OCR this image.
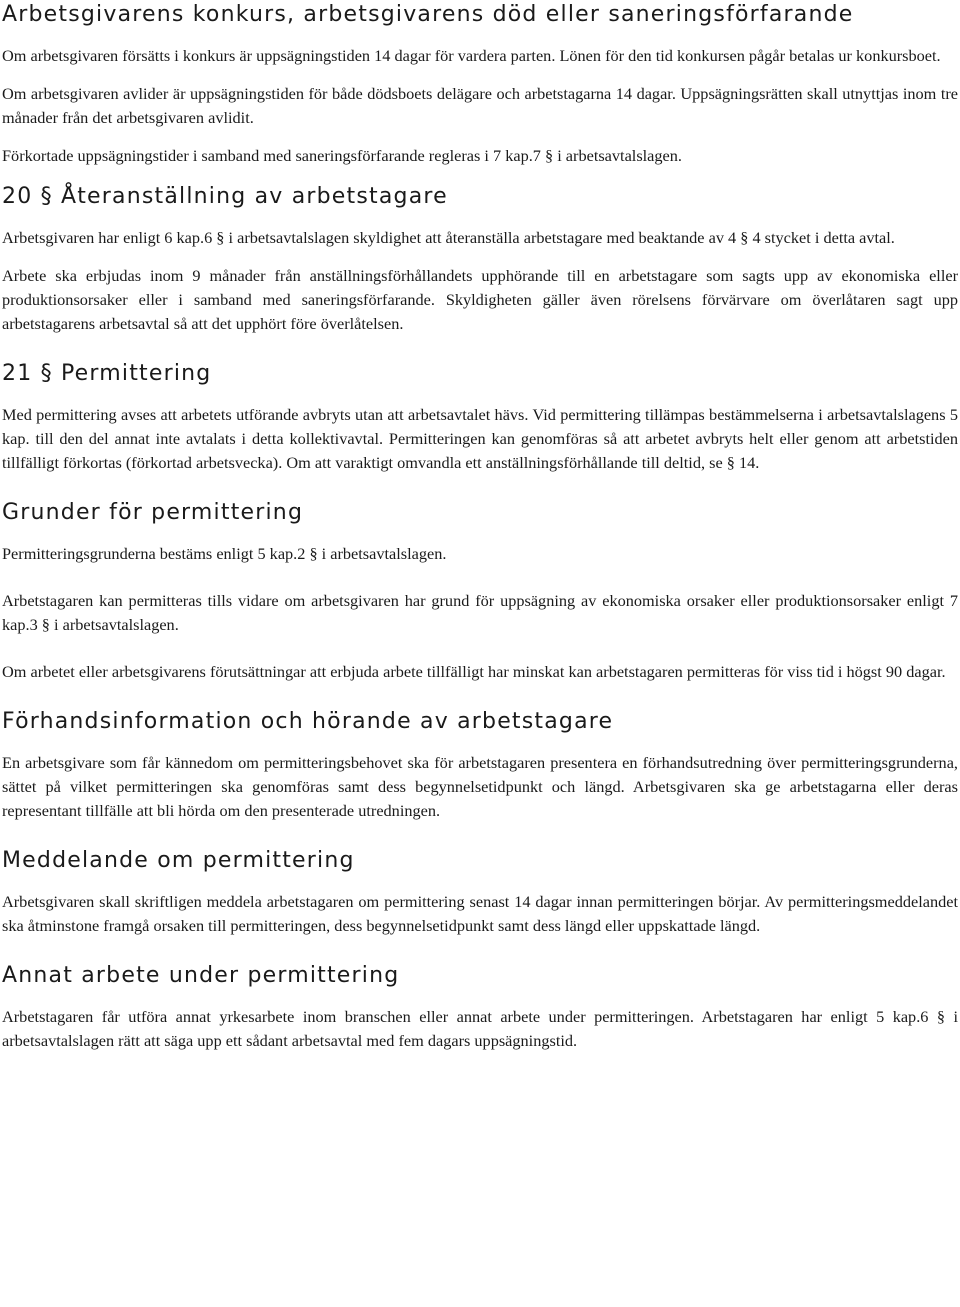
Arbetsgivarens konkurs, arbetsgivarens död eller saneringsförfarande

Om arbetsgivaren försätts i konkurs är uppsägningstiden 14 dagar för vardera parten. Lönen för den tid konkursen pågår betalas ur konkursboet.

Om arbetsgivaren avlider är uppsägningstiden för både dödsboets delägare och arbetstagarna 14 dagar. Uppsägningsrätten skall utnyttjas inom tre månader från det arbetsgivaren avlidit.

Förkortade uppsägningstider i samband med saneringsförfarande regleras i 7 kap.7 § i arbetsavtalslagen.

20 § Återanställning av arbetstagare

Arbetsgivaren har enligt 6 kap.6 § i arbetsavtalslagen skyldighet att återanställa arbetstagare med beaktande av 4 § 4 stycket i detta avtal.

Arbete ska erbjudas inom 9 månader från anställningsförhållandets upphörande till en arbetstagare som sagts upp av ekonomiska eller produktionsorsaker eller i samband med saneringsförfarande. Skyldigheten gäller även rörelsens förvärvare om överlåtaren sagt upp arbetstagarens arbetsavtal så att det upphört före överlåtelsen.

21 § Permittering

Med permittering avses att arbetets utförande avbryts utan att arbetsavtalet hävs. Vid permittering tillämpas bestämmelserna i arbetsavtalslagens 5 kap. till den del annat inte avtalats i detta kollektivavtal. Permitteringen kan genomföras så att arbetet avbryts helt eller genom att arbetstiden tillfälligt förkortas (förkortad arbetsvecka). Om att varaktigt omvandla ett anställningsförhållande till deltid, se § 14.

Grunder för permittering

Permitteringsgrunderna bestäms enligt 5 kap.2 § i arbetsavtalslagen.

Arbetstagaren kan permitteras tills vidare om arbetsgivaren har grund för uppsägning av ekonomiska orsaker eller produktionsorsaker enligt 7 kap.3 § i arbetsavtalslagen.

Om arbetet eller arbetsgivarens förutsättningar att erbjuda arbete tillfälligt har minskat kan arbetstagaren permitteras för viss tid i högst 90 dagar.

Förhandsinformation och hörande av arbetstagare

En arbetsgivare som får kännedom om permitteringsbehovet ska för arbetstagaren presentera en förhandsutredning över permitteringsgrunderna, sättet på vilket permitteringen ska genomföras samt dess begynnelsetidpunkt och längd. Arbetsgivaren ska ge arbetstagarna eller deras representant tillfälle att bli hörda om den presenterade utredningen.

Meddelande om permittering

Arbetsgivaren skall skriftligen meddela arbetstagaren om permittering senast 14 dagar innan permitteringen börjar. Av permitteringsmeddelandet ska åtminstone framgå orsaken till permitteringen, dess begynnelsetidpunkt samt dess längd eller uppskattade längd.

Annat arbete under permittering

Arbetstagaren får utföra annat yrkesarbete inom branschen eller annat arbete under permitteringen. Arbetstagaren har enligt 5 kap.6 § i arbetsavtalslagen rätt att säga upp ett sådant arbetsavtal med fem dagars uppsägningstid.
